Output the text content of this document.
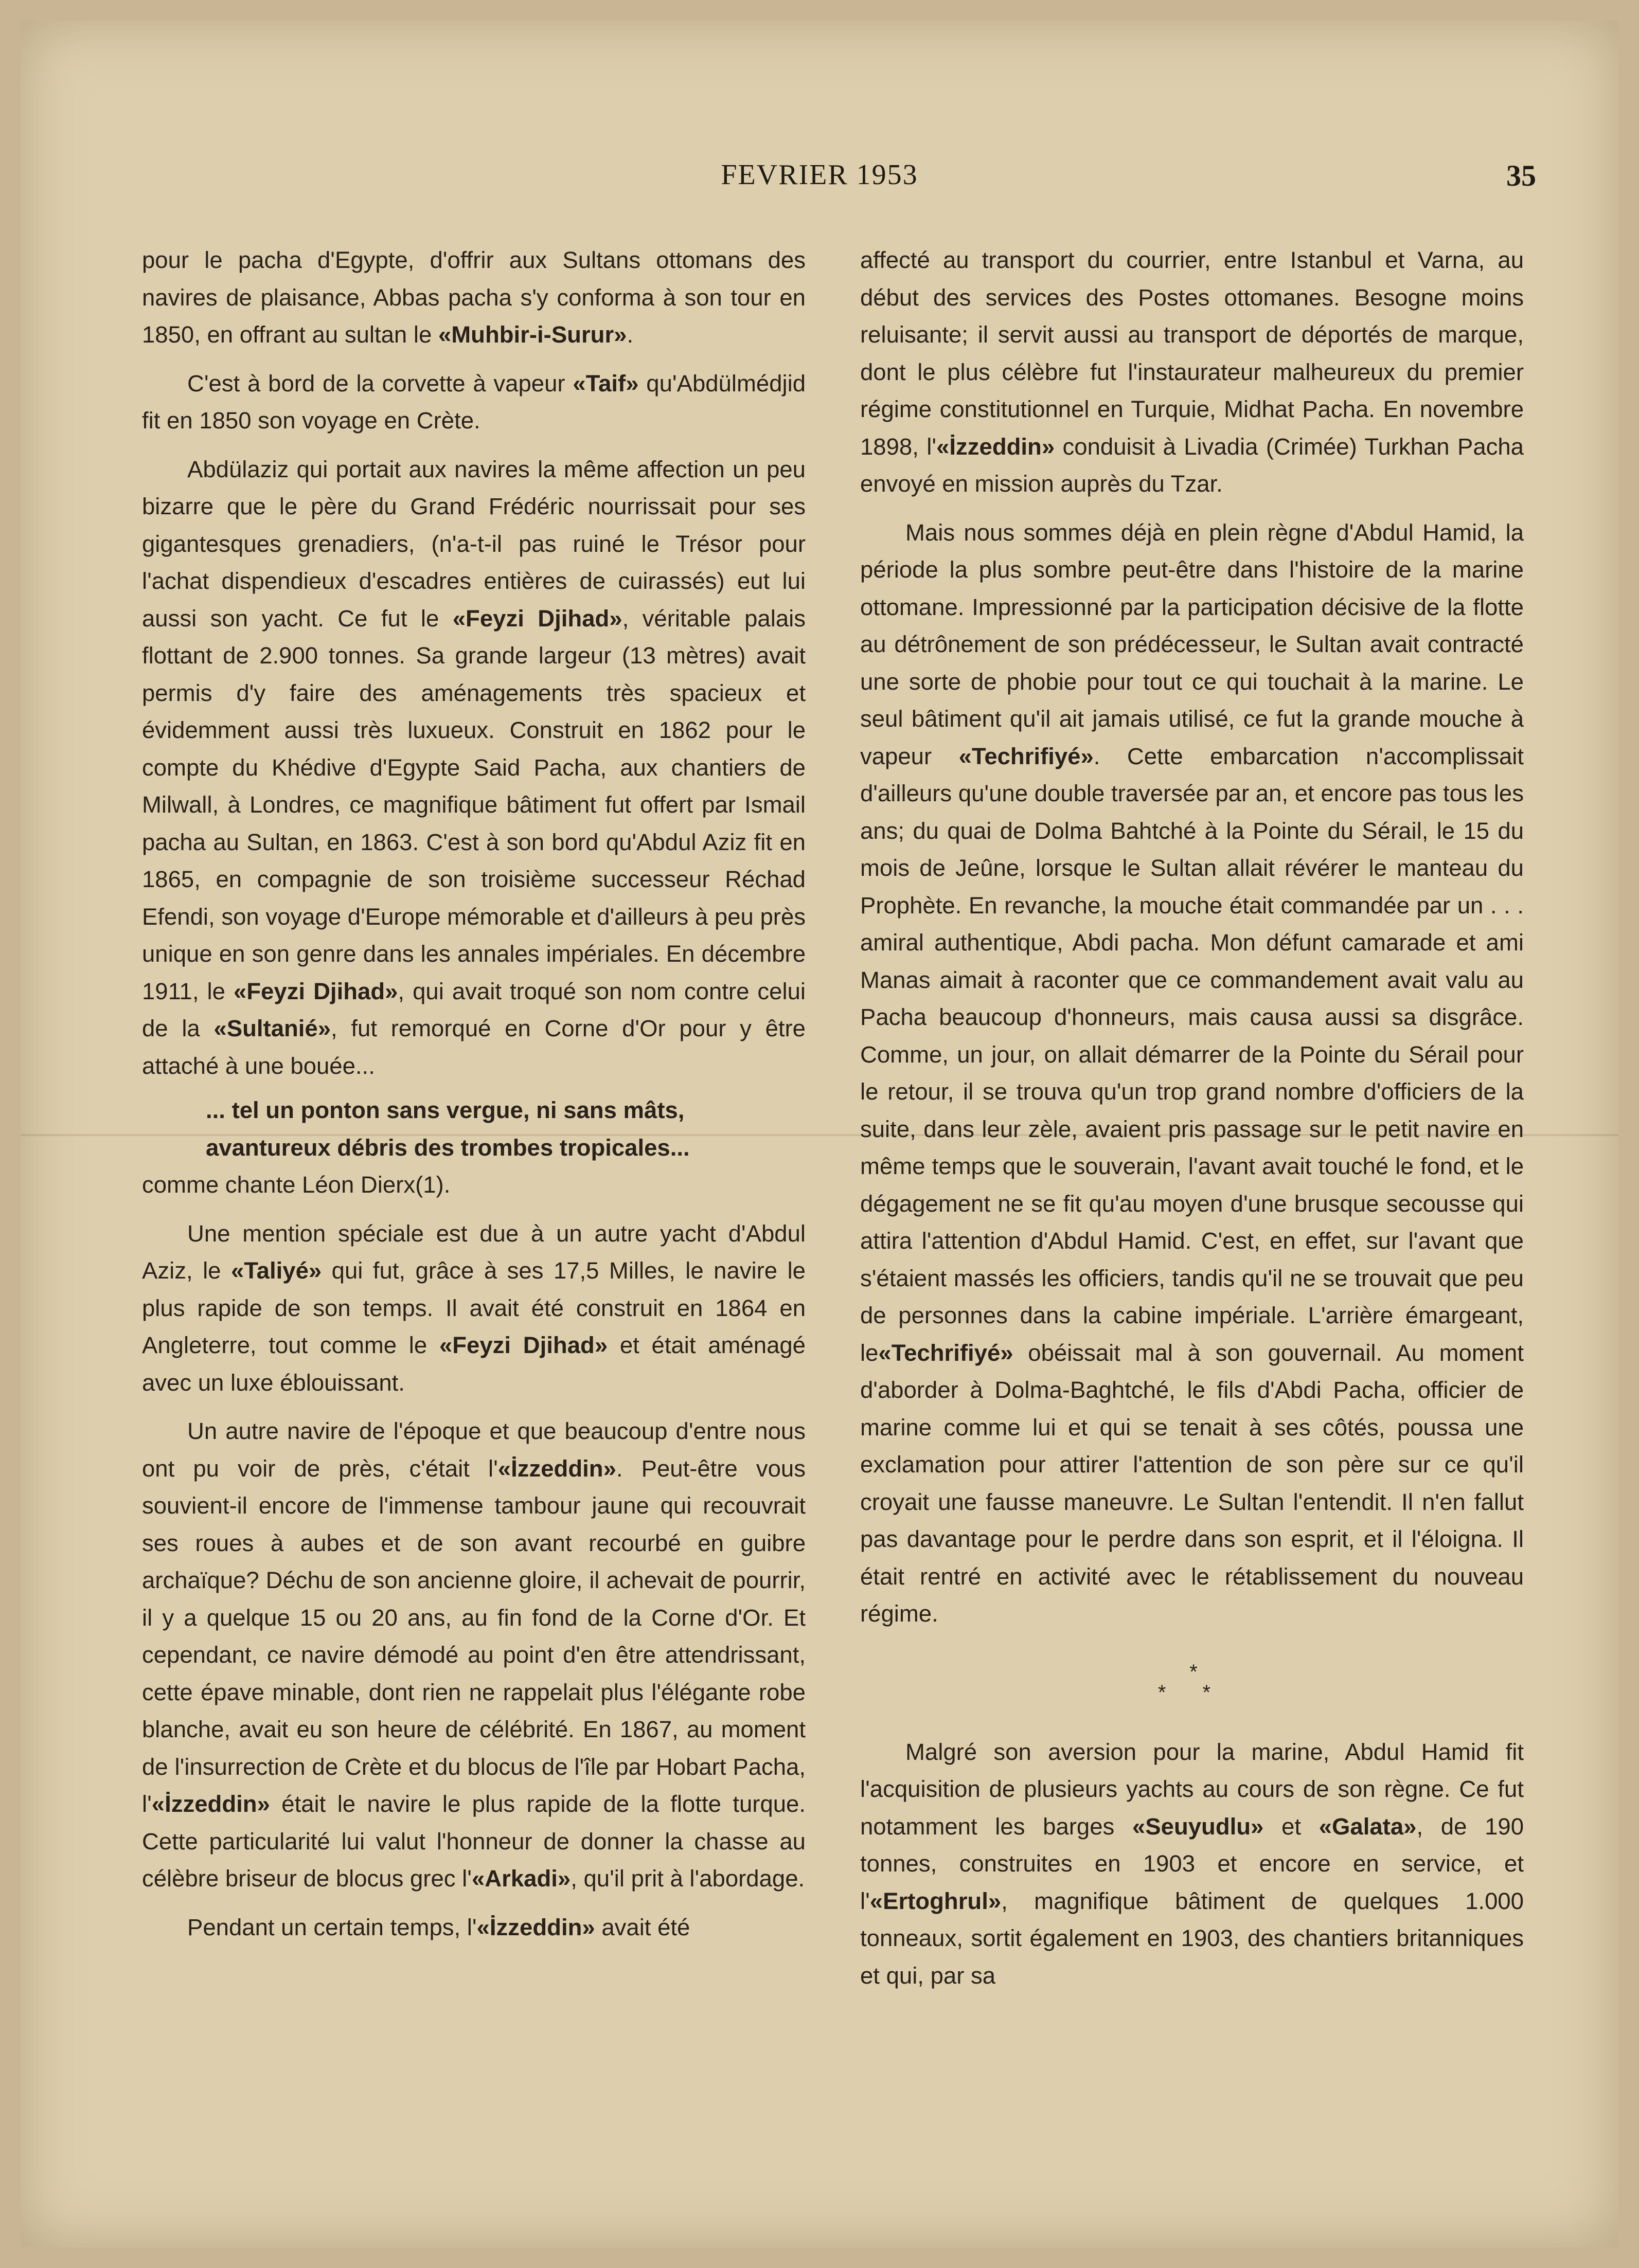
FEVRIER 1953	35

pour le pacha d'Egypte, d'offrir aux Sultans ottomans des navires de plaisance, Abbas pacha s'y conforma à son tour en 1850, en offrant au sultan le «Muhbir-i-Surur».

C'est à bord de la corvette à vapeur «Taif» qu'Abdülmédjid fit en 1850 son voyage en Crète.

Abdülaziz qui portait aux navires la même affection un peu bizarre que le père du Grand Frédéric nourrissait pour ses gigantesques grenadiers, (n'a-t-il pas ruiné le Trésor pour l'achat dispendieux d'escadres entières de cuirassés) eut lui aussi son yacht. Ce fut le «Feyzi Djihad», véritable palais flottant de 2.900 tonnes. Sa grande largeur (13 mètres) avait permis d'y faire des aménagements très spacieux et évidemment aussi très luxueux. Construit en 1862 pour le compte du Khédive d'Egypte Said Pacha, aux chantiers de Milwall, à Londres, ce magnifique bâtiment fut offert par Ismail pacha au Sultan, en 1863. C'est à son bord qu'Abdul Aziz fit en 1865, en compagnie de son troisième successeur Réchad Efendi, son voyage d'Europe mémorable et d'ailleurs à peu près unique en son genre dans les annales impériales. En décembre 1911, le «Feyzi Djihad», qui avait troqué son nom contre celui de la «Sultanié», fut remorqué en Corne d'Or pour y être attaché à une bouée...

... tel un ponton sans vergue, ni sans mâts,
avantureux débris des trombes tropicales...

comme chante Léon Dierx(1).

Une mention spéciale est due à un autre yacht d'Abdul Aziz, le «Taliyé» qui fut, grâce à ses 17,5 Milles, le navire le plus rapide de son temps. Il avait été construit en 1864 en Angleterre, tout comme le «Feyzi Djihad» et était aménagé avec un luxe éblouissant.

Un autre navire de l'époque et que beaucoup d'entre nous ont pu voir de près, c'était l'«İzzeddin». Peut-être vous souvient-il encore de l'immense tambour jaune qui recouvrait ses roues à aubes et de son avant recourbé en guibre archaïque? Déchu de son ancienne gloire, il achevait de pourrir, il y a quelque 15 ou 20 ans, au fin fond de la Corne d'Or. Et cependant, ce navire démodé au point d'en être attendrissant, cette épave minable, dont rien ne rappelait plus l'élégante robe blanche, avait eu son heure de célébrité. En 1867, au moment de l'insurrection de Crète et du blocus de l'île par Hobart Pacha, l'«İzzeddin» était le navire le plus rapide de la flotte turque. Cette particularité lui valut l'honneur de donner la chasse au célèbre briseur de blocus grec l'«Arkadi», qu'il prit à l'abordage.

Pendant un certain temps, l'«İzzeddin» avait été

affecté au transport du courrier, entre Istanbul et Varna, au début des services des Postes ottomanes. Besogne moins reluisante; il servit aussi au transport de déportés de marque, dont le plus célèbre fut l'instaurateur malheureux du premier régime constitutionnel en Turquie, Midhat Pacha. En novembre 1898, l'«İzzeddin» conduisit à Livadia (Crimée) Turkhan Pacha envoyé en mission auprès du Tzar.

Mais nous sommes déjà en plein règne d'Abdul Hamid, la période la plus sombre peut-être dans l'histoire de la marine ottomane. Impressionné par la participation décisive de la flotte au détrônement de son prédécesseur, le Sultan avait contracté une sorte de phobie pour tout ce qui touchait à la marine. Le seul bâtiment qu'il ait jamais utilisé, ce fut la grande mouche à vapeur «Techrifiyé». Cette embarcation n'accomplissait d'ailleurs qu'une double traversée par an, et encore pas tous les ans; du quai de Dolma Bahtché à la Pointe du Sérail, le 15 du mois de Jeûne, lorsque le Sultan allait révérer le manteau du Prophète. En revanche, la mouche était commandée par un . . . amiral authentique, Abdi pacha. Mon défunt camarade et ami Manas aimait à raconter que ce commandement avait valu au Pacha beaucoup d'honneurs, mais causa aussi sa disgrâce. Comme, un jour, on allait démarrer de la Pointe du Sérail pour le retour, il se trouva qu'un trop grand nombre d'officiers de la suite, dans leur zèle, avaient pris passage sur le petit navire en même temps que le souverain, l'avant avait touché le fond, et le dégagement ne se fit qu'au moyen d'une brusque secousse qui attira l'attention d'Abdul Hamid. C'est, en effet, sur l'avant que s'étaient massés les officiers, tandis qu'il ne se trouvait que peu de personnes dans la cabine impériale. L'arrière émargeant, le«Techrifiyé» obéissait mal à son gouvernail. Au moment d'aborder à Dolma-Baghtché, le fils d'Abdi Pacha, officier de marine comme lui et qui se tenait à ses côtés, poussa une exclamation pour attirer l'attention de son père sur ce qu'il croyait une fausse maneuvre. Le Sultan l'entendit. Il n'en fallut pas davantage pour le perdre dans son esprit, et il l'éloigna. Il était rentré en activité avec le rétablissement du nouveau régime.

*
* *

Malgré son aversion pour la marine, Abdul Hamid fit l'acquisition de plusieurs yachts au cours de son règne. Ce fut notamment les barges «Seuyudlu» et «Galata», de 190 tonnes, construites en 1903 et encore en service, et l'«Ertoghrul», magnifique bâtiment de quelques 1.000 tonneaux, sortit également en 1903, des chantiers britanniques et qui, par sa
